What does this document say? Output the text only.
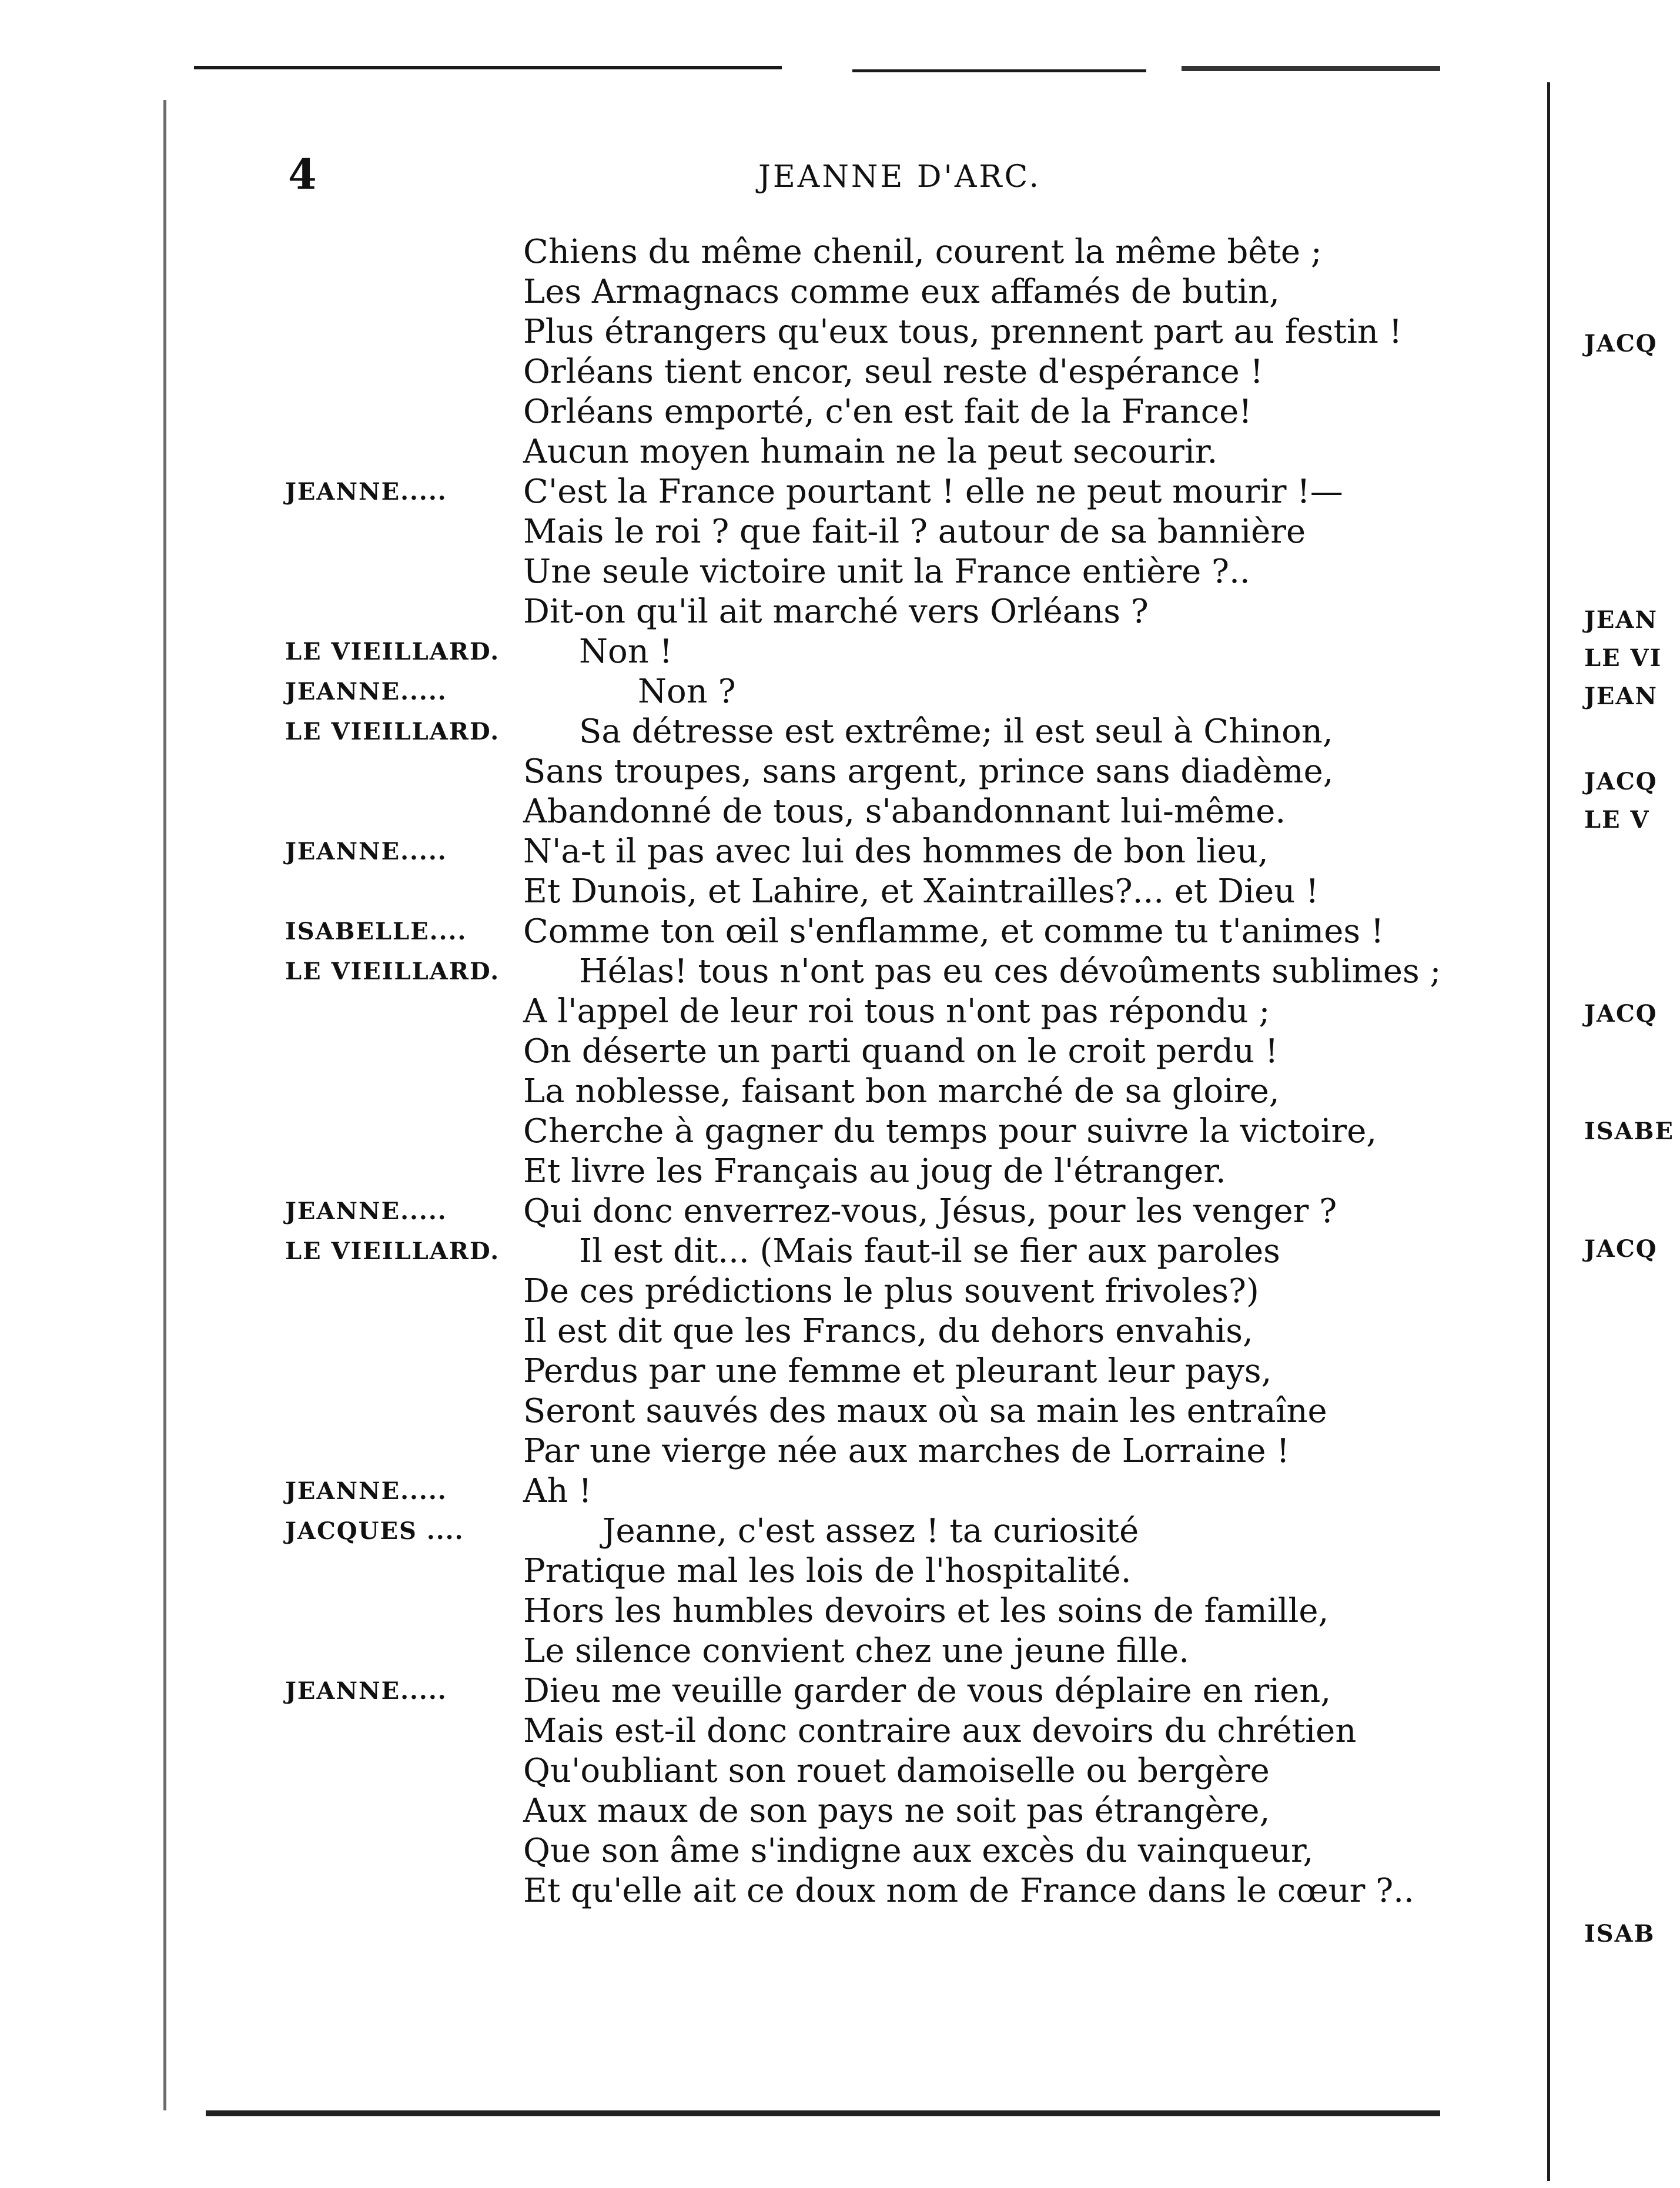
4	JEANNE D'ARC.
Chiens du même chenil, courent la même bête ;
Les Armagnacs comme eux affamés de butin,
Plus étrangers qu'eux tous, prennent part au festin !
Orléans tient encor, seul reste d'espérance !
Orléans emporté, c'en est fait de la France!
Aucun moyen humain ne la peut secourir.
JEANNE..... C'est la France pourtant ! elle ne peut mourir !—
Mais le roi ? que fait-il ? autour de sa bannière
Une seule victoire unit la France entière ?..
Dit-on qu'il ait marché vers Orléans ?
LE VIEILLARD. Non !
JEANNE.....	Non ?
LE VIEILLARD. Sa détresse est extrême; il est seul à Chinon,
Sans troupes, sans argent, prince sans diadème,
Abandonné de tous, s'abandonnant lui-même.
JEANNE..... N'a-t il pas avec lui des hommes de bon lieu,
Et Dunois, et Lahire, et Xaintrailles?... et Dieu !
ISABELLE.... Comme ton œil s'enflamme, et comme tu t'animes !
LE VIEILLARD. Hélas! tous n'ont pas eu ces dévoûments sublimes ;
A l'appel de leur roi tous n'ont pas répondu ;
On déserte un parti quand on le croit perdu !
La noblesse, faisant bon marché de sa gloire,
Cherche à gagner du temps pour suivre la victoire,
Et livre les Français au joug de l'étranger.
JEANNE..... Qui donc enverrez-vous, Jésus, pour les venger ?
LE VIEILLARD. Il est dit... (Mais faut-il se fier aux paroles
De ces prédictions le plus souvent frivoles?)
Il est dit que les Francs, du dehors envahis,
Perdus par une femme et pleurant leur pays,
Seront sauvés des maux où sa main les entraîne
Par une vierge née aux marches de Lorraine !
JEANNE..... Ah !
JACQUES ....	Jeanne, c'est assez ! ta curiosité
Pratique mal les lois de l'hospitalité.
Hors les humbles devoirs et les soins de famille,
Le silence convient chez une jeune fille.
JEANNE..... Dieu me veuille garder de vous déplaire en rien,
Mais est-il donc contraire aux devoirs du chrétien
Qu'oubliant son rouet damoiselle ou bergère
Aux maux de son pays ne soit pas étrangère,
Que son âme s'indigne aux excès du vainqueur,
Et qu'elle ait ce doux nom de France dans le cœur ?..
JACQ
JEAN
LE VI
JEAN
JACQ
LE V
JACQ
ISABE
JACQ
ISAB
